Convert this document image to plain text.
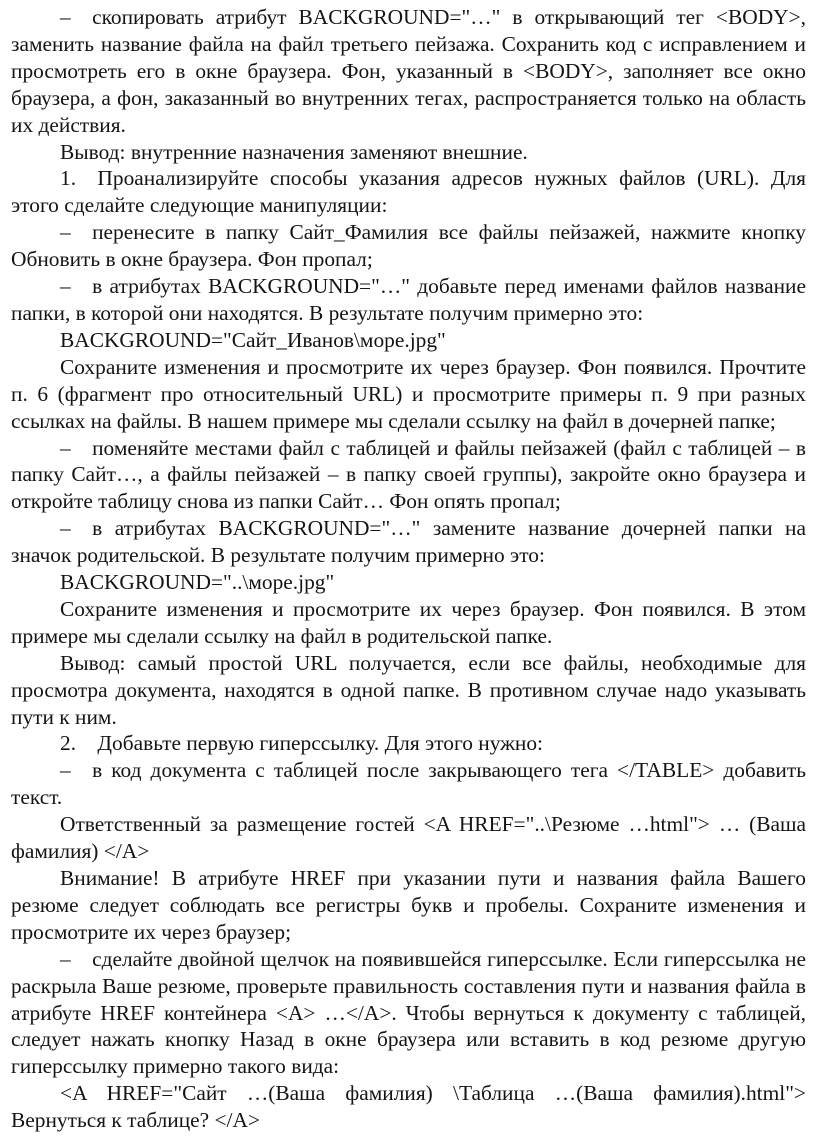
– скопировать атрибут BACKGROUND="…" в открывающий тег <BODY>, заменить название файла на файл третьего пейзажа. Сохранить код с исправлением и просмотреть его в окне браузера. Фон, указанный в <BODY>, заполняет все окно браузера, а фон, заказанный во внутренних тегах, распространяется только на область их действия.

Вывод: внутренние назначения заменяют внешние.

1. Проанализируйте способы указания адресов нужных файлов (URL). Для этого сделайте следующие манипуляции:

– перенесите в папку Сайт_Фамилия все файлы пейзажей, нажмите кнопку Обновить в окне браузера. Фон пропал;

– в атрибутах BACKGROUND="…" добавьте перед именами файлов название папки, в которой они находятся. В результате получим примерно это:

BACKGROUND="Сайт_Иванов\море.jpg"

Сохраните изменения и просмотрите их через браузер. Фон появился. Прочтите п. 6 (фрагмент про относительный URL) и просмотрите примеры п. 9 при разных ссылках на файлы. В нашем примере мы сделали ссылку на файл в дочерней папке;

– поменяйте местами файл с таблицей и файлы пейзажей (файл с таблицей – в папку Сайт…, а файлы пейзажей – в папку своей группы), закройте окно браузера и откройте таблицу снова из папки Сайт… Фон опять пропал;

– в атрибутах BACKGROUND="…" замените название дочерней папки на значок родительской. В результате получим примерно это:

BACKGROUND="..\море.jpg"

Сохраните изменения и просмотрите их через браузер. Фон появился. В этом примере мы сделали ссылку на файл в родительской папке.

Вывод: самый простой URL получается, если все файлы, необходимые для просмотра документа, находятся в одной папке. В противном случае надо указывать пути к ним.

2. Добавьте первую гиперссылку. Для этого нужно:

– в код документа с таблицей после закрывающего тега </TABLE> добавить текст.

Ответственный за размещение гостей <A HREF="..\Резюме …html"> … (Ваша фамилия) </A>

Внимание! В атрибуте HREF при указании пути и названия файла Вашего резюме следует соблюдать все регистры букв и пробелы. Сохраните изменения и просмотрите их через браузер;

– сделайте двойной щелчок на появившейся гиперссылке. Если гиперссылка не раскрыла Ваше резюме, проверьте правильность составления пути и названия файла в атрибуте HREF контейнера <A> …</A>. Чтобы вернуться к документу с таблицей, следует нажать кнопку Назад в окне браузера или вставить в код резюме другую гиперссылку примерно такого вида:

<A HREF="Сайт …(Ваша фамилия) \Таблица …(Ваша фамилия).html"> Вернуться к таблице? </A>
